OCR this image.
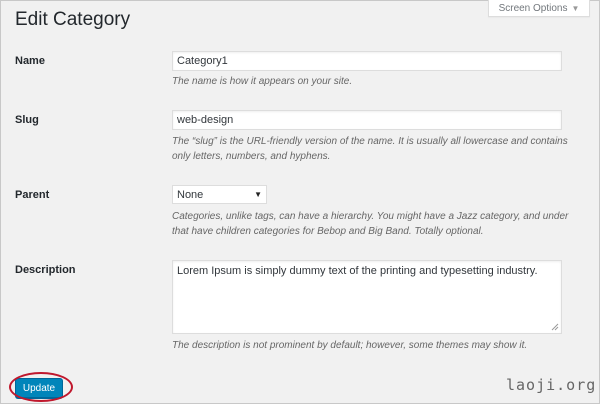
Screen Options ▼
Edit Category
Name	Category1
The name is how it appears on your site.
Slug	web-design
The “slug” is the URL-friendly version of the name. It is usually all lowercase and contains
only letters, numbers, and hyphens.
Parent	None	▼
Categories, unlike tags, can have a hierarchy. You might have a Jazz category, and under
that have children categories for Bebop and Big Band. Totally optional.
Description	Lorem Ipsum is simply dummy text of the printing and typesetting industry.
The description is not prominent by default; however, some themes may show it.
Update	laoji.org
